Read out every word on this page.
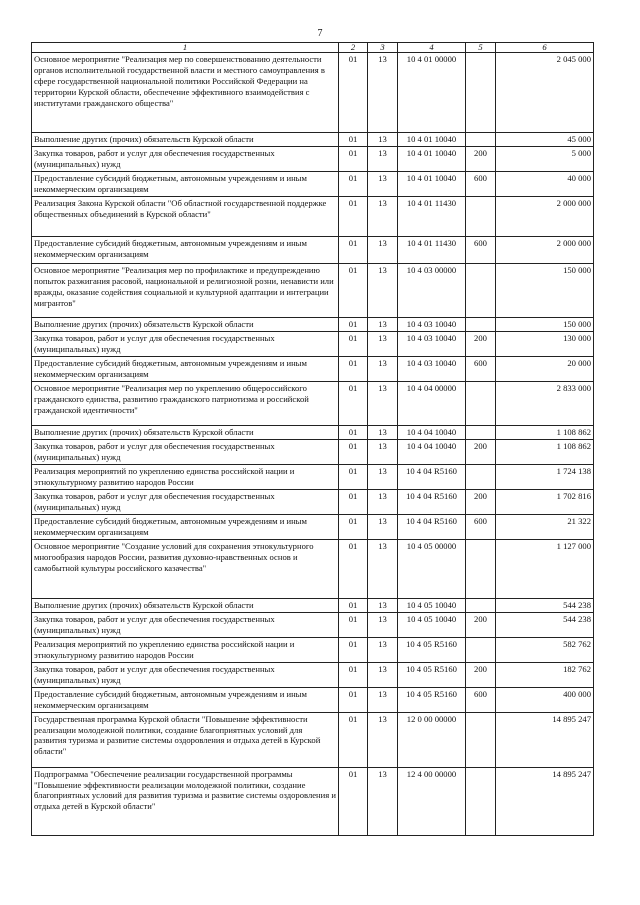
7
1	2	3	4	5	6
Основное мероприятие "Реализация мер по совершенствованию деятельности органов исполнительной государственной власти и местного самоуправления в сфере государственной национальной политики Российской Федерации на территории Курской области, обеспечение эффективного взаимодействия с институтами гражданского общества"	01	13	10 4 01 00000		2 045 000
Выполнение других (прочих) обязательств Курской области	01	13	10 4 01 10040		45 000
Закупка товаров, работ и услуг для обеспечения государственных (муниципальных) нужд	01	13	10 4 01 10040	200	5 000
Предоставление субсидий бюджетным, автономным учреждениям и иным некоммерческим организациям	01	13	10 4 01 10040	600	40 000
Реализация Закона Курской области "Об областной государственной поддержке общественных объединений в Курской области"	01	13	10 4 01 11430		2 000 000
Предоставление субсидий бюджетным, автономным учреждениям и иным некоммерческим организациям	01	13	10 4 01 11430	600	2 000 000
Основное мероприятие "Реализация мер по профилактике и предупреждению попыток разжигания расовой, национальной и религиозной розни, ненависти или вражды, оказание содействия социальной и культурной адаптации и интеграции мигрантов"	01	13	10 4 03 00000		150 000
Выполнение других (прочих) обязательств Курской области	01	13	10 4 03 10040		150 000
Закупка товаров, работ и услуг для обеспечения государственных (муниципальных) нужд	01	13	10 4 03 10040	200	130 000
Предоставление субсидий бюджетным, автономным учреждениям и иным некоммерческим организациям	01	13	10 4 03 10040	600	20 000
Основное мероприятие "Реализация мер по укреплению общероссийского гражданского единства, развитию гражданского патриотизма и российской гражданской идентичности"	01	13	10 4 04 00000		2 833 000
Выполнение других (прочих) обязательств Курской области	01	13	10 4 04 10040		1 108 862
Закупка товаров, работ и услуг для обеспечения государственных (муниципальных) нужд	01	13	10 4 04 10040	200	1 108 862
Реализация мероприятий по укреплению единства российской нации и этнокультурному развитию народов России	01	13	10 4 04 R5160		1 724 138
Закупка товаров, работ и услуг для обеспечения государственных (муниципальных) нужд	01	13	10 4 04 R5160	200	1 702 816
Предоставление субсидий бюджетным, автономным учреждениям и иным некоммерческим организациям	01	13	10 4 04 R5160	600	21 322
Основное мероприятие "Создание условий для сохранения этнокультурного многообразия народов России, развития духовно-нравственных основ и самобытной культуры российского казачества"	01	13	10 4 05 00000		1 127 000
Выполнение других (прочих) обязательств Курской области	01	13	10 4 05 10040		544 238
Закупка товаров, работ и услуг для обеспечения государственных (муниципальных) нужд	01	13	10 4 05 10040	200	544 238
Реализация мероприятий по укреплению единства российской нации и этнокультурному развитию народов России	01	13	10 4 05 R5160		582 762
Закупка товаров, работ и услуг для обеспечения государственных (муниципальных) нужд	01	13	10 4 05 R5160	200	182 762
Предоставление субсидий бюджетным, автономным учреждениям и иным некоммерческим организациям	01	13	10 4 05 R5160	600	400 000
Государственная программа Курской области "Повышение эффективности реализации молодежной политики, создание благоприятных условий для развития туризма и развитие системы оздоровления и отдыха детей в Курской области"	01	13	12 0 00 00000		14 895 247
Подпрограмма "Обеспечение реализации государственной программы "Повышение эффективности реализации молодежной политики, создание благоприятных условий для развития туризма и развитие системы оздоровления и отдыха детей в Курской области"	01	13	12 4 00 00000		14 895 247
